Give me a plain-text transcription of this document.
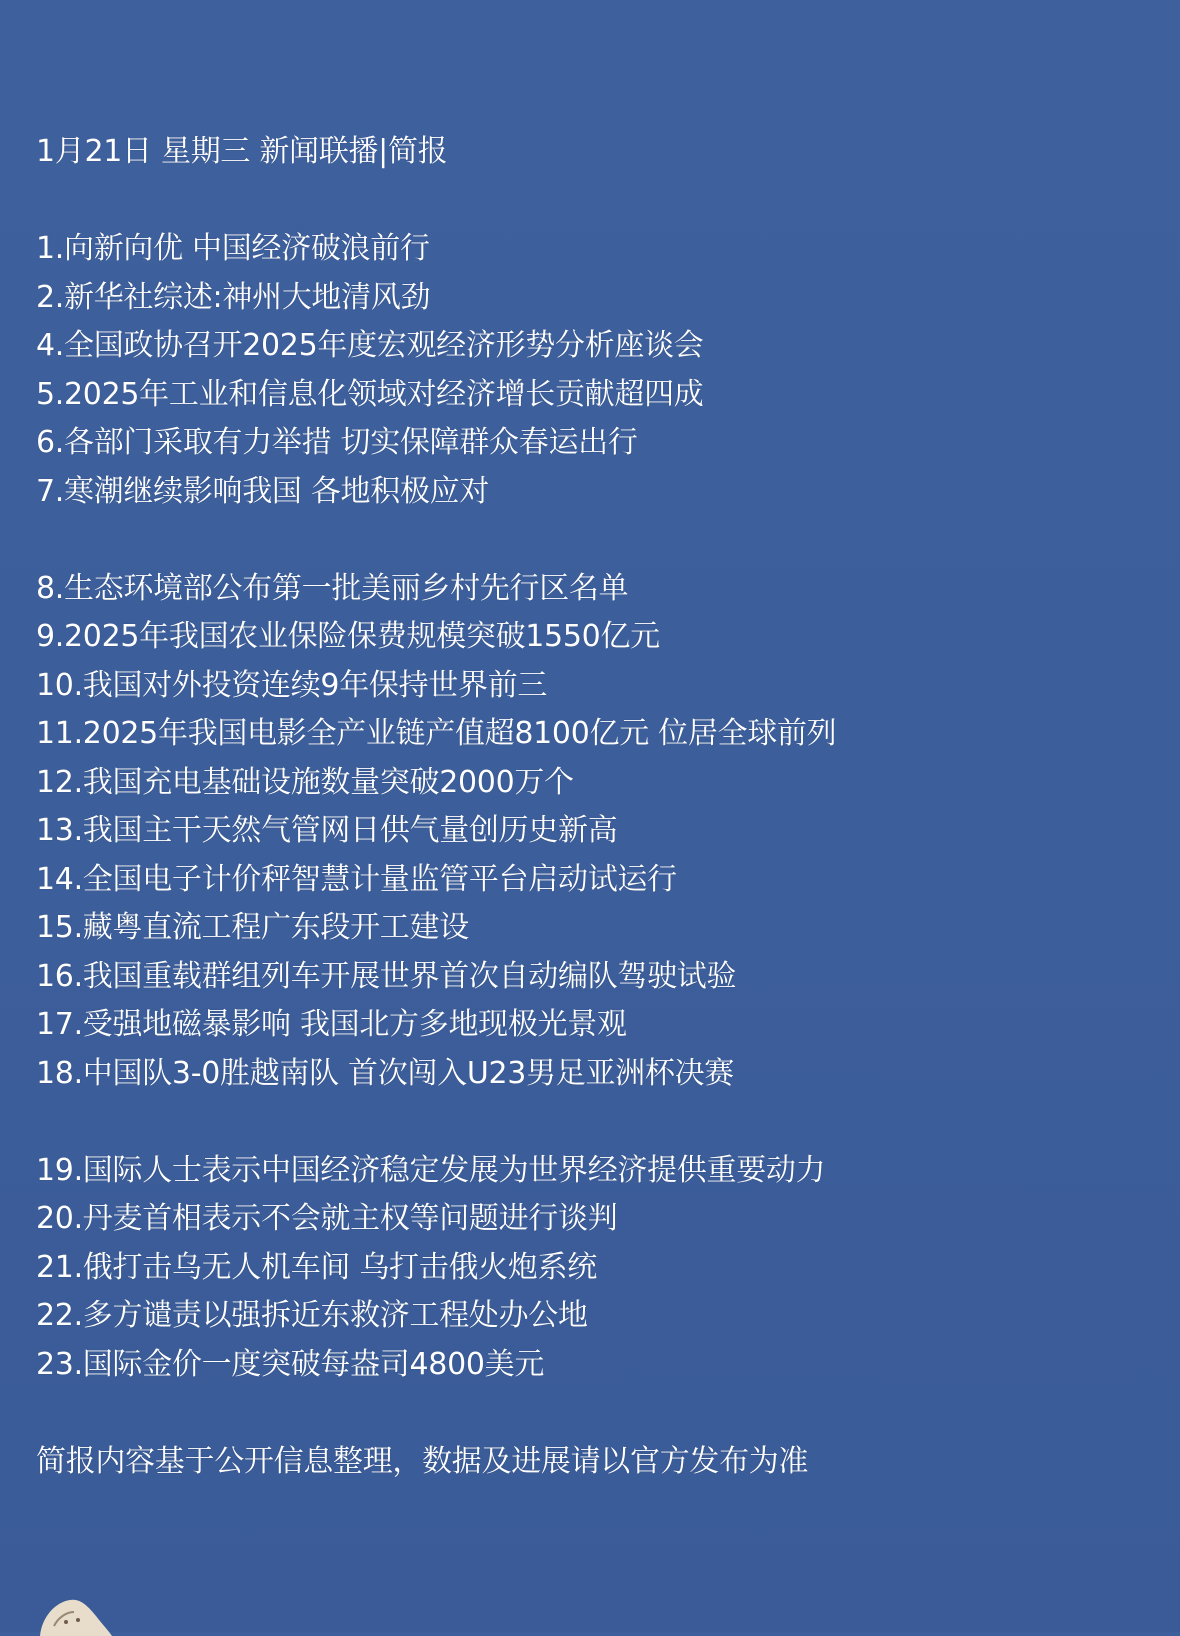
1月21日 星期三 新闻联播|简报
1.向新向优 中国经济破浪前行
2.新华社综述:神州大地清风劲
4.全国政协召开2025年度宏观经济形势分析座谈会
5.2025年工业和信息化领域对经济增长贡献超四成
6.各部门采取有力举措 切实保障群众春运出行
7.寒潮继续影响我国 各地积极应对
8.生态环境部公布第一批美丽乡村先行区名单
9.2025年我国农业保险保费规模突破1550亿元
10.我国对外投资连续9年保持世界前三
11.2025年我国电影全产业链产值超8100亿元 位居全球前列
12.我国充电基础设施数量突破2000万个
13.我国主干天然气管网日供气量创历史新高
14.全国电子计价秤智慧计量监管平台启动试运行
15.藏粤直流工程广东段开工建设
16.我国重载群组列车开展世界首次自动编队驾驶试验
17.受强地磁暴影响 我国北方多地现极光景观
18.中国队3-0胜越南队 首次闯入U23男足亚洲杯决赛
19.国际人士表示中国经济稳定发展为世界经济提供重要动力
20.丹麦首相表示不会就主权等问题进行谈判
21.俄打击乌无人机车间 乌打击俄火炮系统
22.多方谴责以强拆近东救济工程处办公地
23.国际金价一度突破每盎司4800美元
简报内容基于公开信息整理，数据及进展请以官方发布为准
